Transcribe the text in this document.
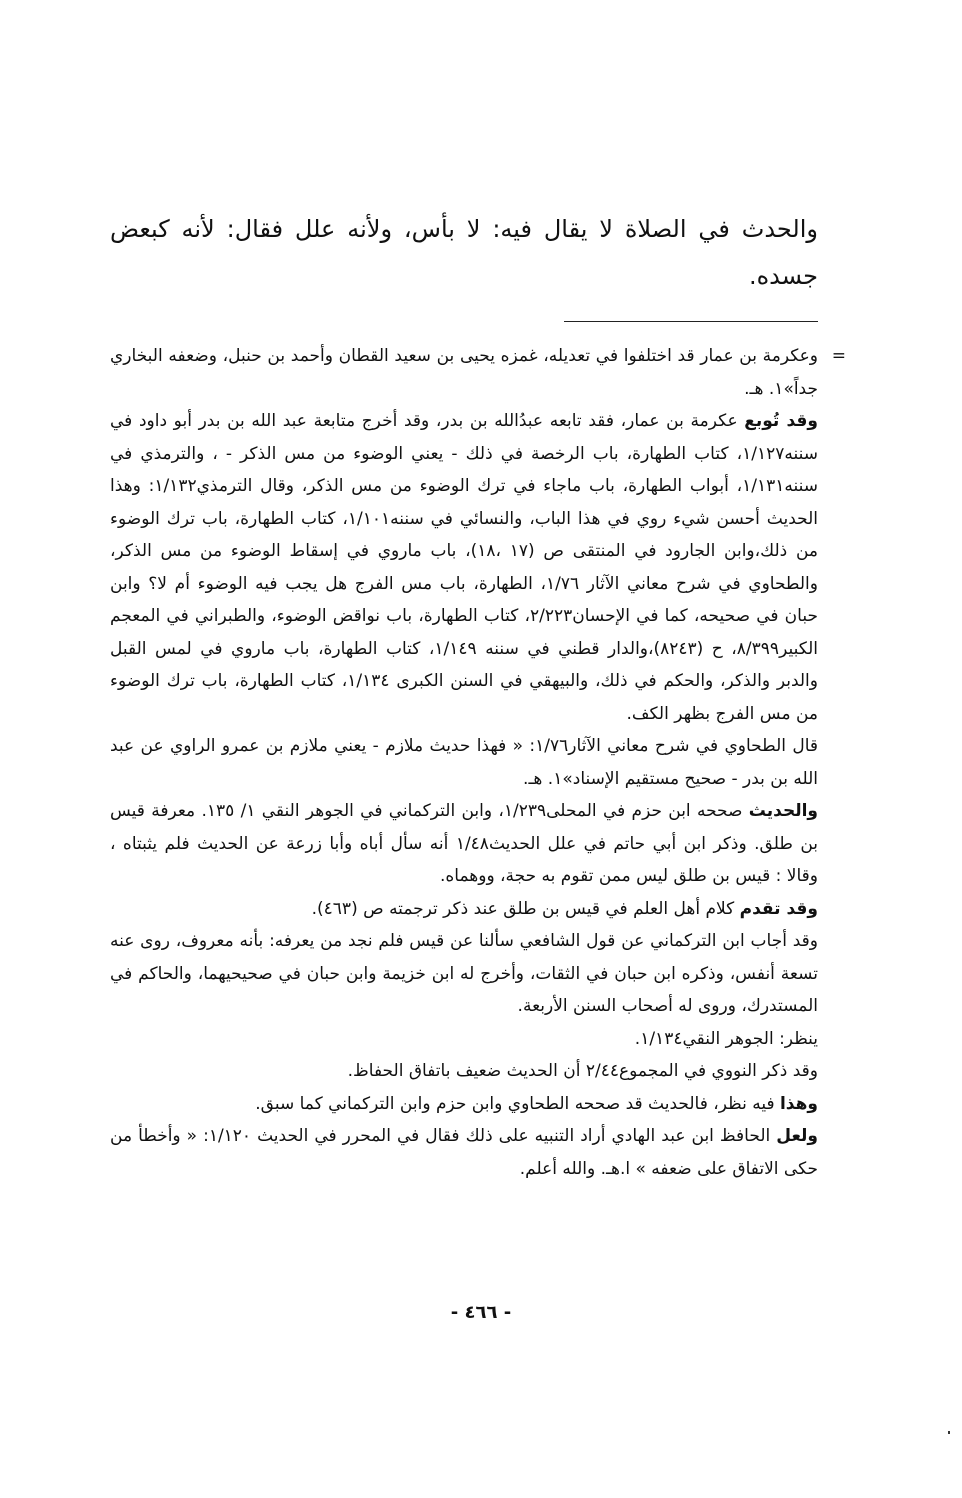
والحدث في الصلاة لا يقال فيه: لا بأس، ولأنه علل فقال: لأنه كبعض جسده.

=
وعكرمة بن عمار قد اختلفوا في تعديله، غمزه يحيى بن سعيد القطان وأحمد بن حنبل، وضعفه البخاري جداً»١. هـ.

وقد تُوبع عكرمة بن عمار، فقد تابعه عبدُالله بن بدر، وقد أخرج متابعة عبد الله بن بدر أبو داود في سننه١/١٢٧، كتاب الطهارة، باب الرخصة في ذلك - يعني الوضوء من مس الذكر - ، والترمذي في سننه١/١٣١، أبواب الطهارة، باب ماجاء في ترك الوضوء من مس الذكر، وقال الترمذي١/١٣٢: وهذا الحديث أحسن شيء روي في هذا الباب، والنسائي في سننه١/١٠١، كتاب الطهارة، باب ترك الوضوء من ذلك،وابن الجارود في المنتقى ص (١٧ ،١٨)، باب ماروي في إسقاط الوضوء من مس الذكر، والطحاوي في شرح معاني الآثار ١/٧٦، الطهارة، باب مس الفرج هل يجب فيه الوضوء أم لا؟ وابن حبان في صحيحه، كما في الإحسان٢/٢٢٣، كتاب الطهارة، باب نواقض الوضوء، والطبراني في المعجم الكبير٨/٣٩٩، ح (٨٢٤٣)،والدار قطني في سننه ١/١٤٩، كتاب الطهارة، باب ماروي في لمس القبل والدبر والذكر، والحكم في ذلك، والبيهقي في السنن الكبرى ١/١٣٤، كتاب الطهارة، باب ترك الوضوء من مس الفرج بظهر الكف.

قال الطحاوي في شرح معاني الآثار١/٧٦: « فهذا حديث ملازم - يعني ملازم بن عمرو الراوي عن عبد الله بن بدر - صحيح مستقيم الإسناد»١. هـ.

والحديث صححه ابن حزم في المحلى١/٢٣٩، وابن التركماني في الجوهر النقي ١/ ١٣٥. معرفة قيس بن طلق. وذكر ابن أبي حاتم في علل الحديث١/٤٨ أنه سأل أباه وأبا زرعة عن الحديث فلم يثبتاه ، وقالا : قيس بن طلق ليس ممن تقوم به حجة، ووهماه.

وقد تقدم كلام أهل العلم في قيس بن طلق عند ذكر ترجمته ص (٤٦٣).

وقد أجاب ابن التركماني عن قول الشافعي سألنا عن قيس فلم نجد من يعرفه: بأنه معروف، روى عنه تسعة أنفس، وذكره ابن حبان في الثقات، وأخرج له ابن خزيمة وابن حبان في صحيحيهما، والحاكم في المستدرك، وروى له أصحاب السنن الأربعة.

ينظر: الجوهر النقي١/١٣٤.

وقد ذكر النووي في المجموع٢/٤٤ أن الحديث ضعيف باتفاق الحفاظ.

وهذا فيه نظر، فالحديث قد صححه الطحاوي وابن حزم وابن التركماني كما سبق.

ولعل الحافظ ابن عبد الهادي أراد التنبيه على ذلك فقال في المحرر في الحديث ١/١٢٠: « وأخطأ من حكى الاتفاق على ضعفه » ا.هـ. والله أعلم.

- ٤٦٦ -
